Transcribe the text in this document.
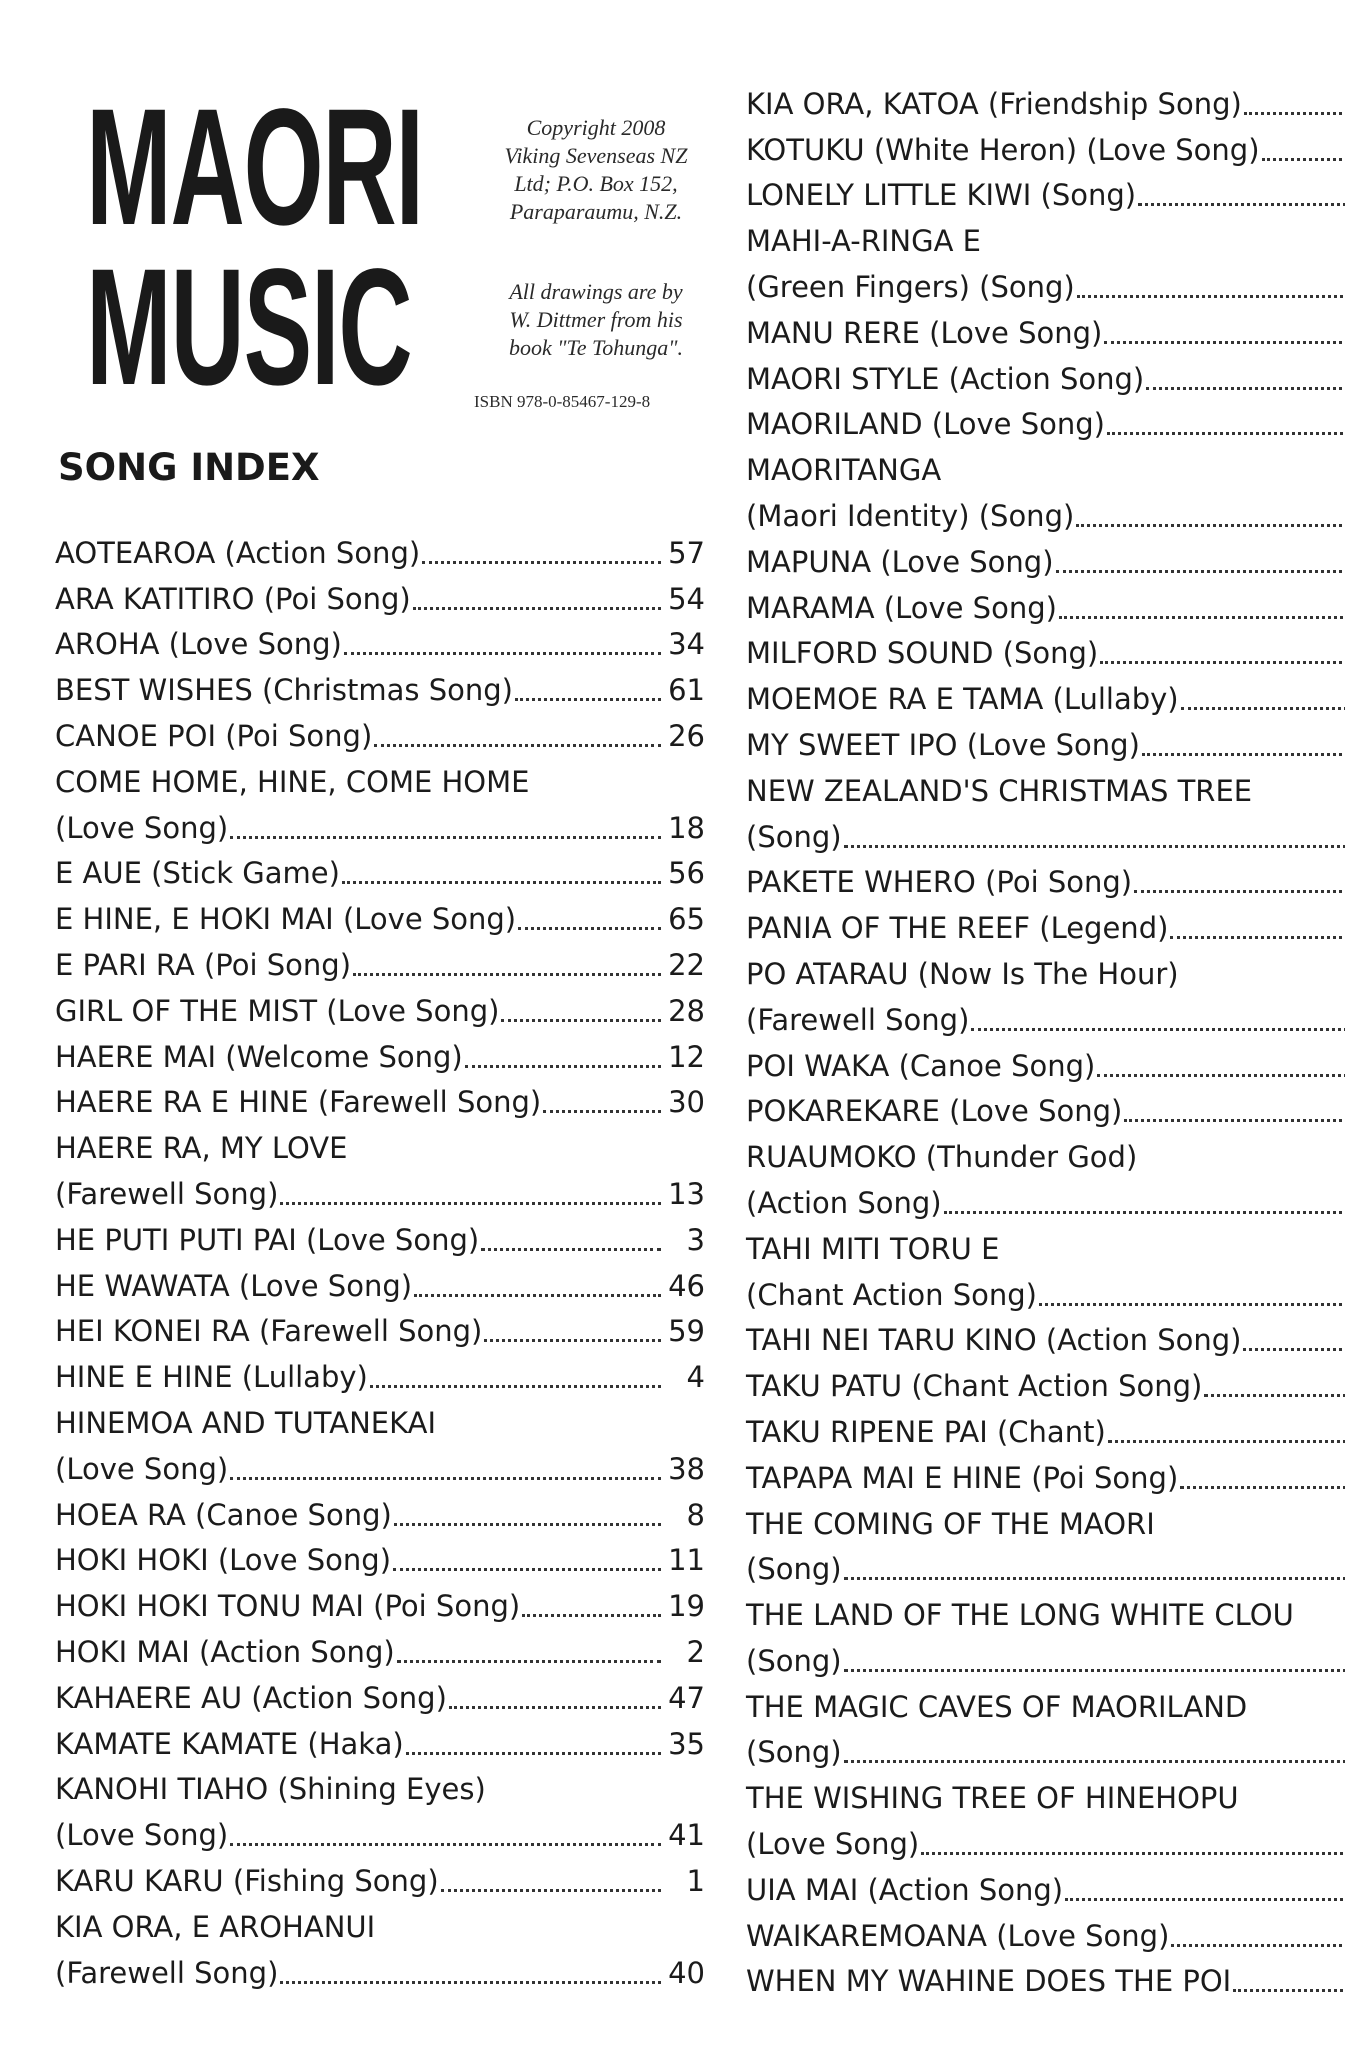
MAORI
MUSIC
Copyright 2008
Viking Sevenseas NZ
Ltd; P.O. Box 152,
Paraparaumu, N.Z.
All drawings are by
W. Dittmer from his
book "Te Tohunga".
ISBN 978-0-85467-129-8
SONG INDEX
AOTEAROA (Action Song)	57
ARA KATITIRO (Poi Song)	54
AROHA (Love Song)	34
BEST WISHES (Christmas Song)	61
CANOE POI (Poi Song)	26
COME HOME, HINE, COME HOME
(Love Song)	18
E AUE (Stick Game)	56
E HINE, E HOKI MAI (Love Song)	65
E PARI RA (Poi Song)	22
GIRL OF THE MIST (Love Song)	28
HAERE MAI (Welcome Song)	12
HAERE RA E HINE (Farewell Song)	30
HAERE RA, MY LOVE
(Farewell Song)	13
HE PUTI PUTI PAI (Love Song)	3
HE WAWATA (Love Song)	46
HEI KONEI RA (Farewell Song)	59
HINE E HINE (Lullaby)	4
HINEMOA AND TUTANEKAI
(Love Song)	38
HOEA RA (Canoe Song)	8
HOKI HOKI (Love Song)	11
HOKI HOKI TONU MAI (Poi Song)	19
HOKI MAI (Action Song)	2
KAHAERE AU (Action Song)	47
KAMATE KAMATE (Haka)	35
KANOHI TIAHO (Shining Eyes)
(Love Song)	41
KARU KARU (Fishing Song)	1
KIA ORA, E AROHANUI
(Farewell Song)	40
KIA ORA, KATOA (Friendship Song)
KOTUKU (White Heron) (Love Song)
LONELY LITTLE KIWI (Song)
MAHI-A-RINGA E
(Green Fingers) (Song)
MANU RERE (Love Song)
MAORI STYLE (Action Song)
MAORILAND (Love Song)
MAORITANGA
(Maori Identity) (Song)
MAPUNA (Love Song)
MARAMA (Love Song)
MILFORD SOUND (Song)
MOEMOE RA E TAMA (Lullaby)
MY SWEET IPO (Love Song)
NEW ZEALAND'S CHRISTMAS TREE
(Song)
PAKETE WHERO (Poi Song)
PANIA OF THE REEF (Legend)
PO ATARAU (Now Is The Hour)
(Farewell Song)
POI WAKA (Canoe Song)
POKAREKARE (Love Song)
RUAUMOKO (Thunder God)
(Action Song)
TAHI MITI TORU E
(Chant Action Song)
TAHI NEI TARU KINO (Action Song)
TAKU PATU (Chant Action Song)
TAKU RIPENE PAI (Chant)
TAPAPA MAI E HINE (Poi Song)
THE COMING OF THE MAORI
(Song)
THE LAND OF THE LONG WHITE CLOU
(Song)
THE MAGIC CAVES OF MAORILAND
(Song)
THE WISHING TREE OF HINEHOPU
(Love Song)
UIA MAI (Action Song)
WAIKAREMOANA (Love Song)
WHEN MY WAHINE DOES THE POI
